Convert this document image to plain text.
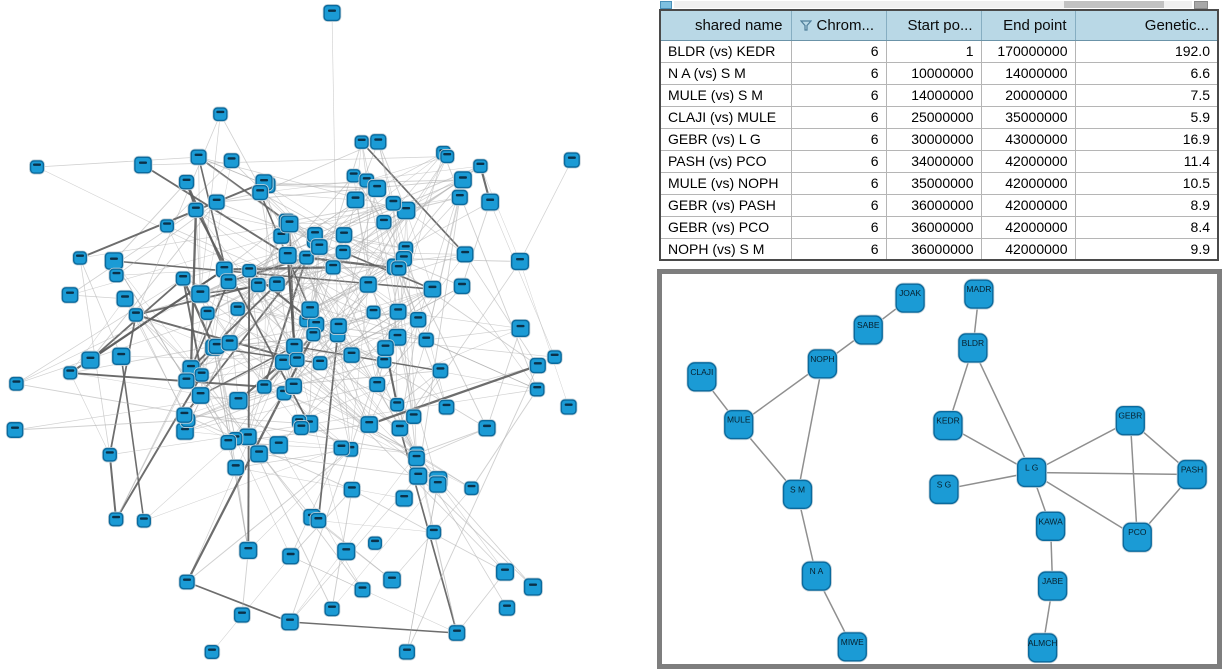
shared name	Chrom...	Start po...	End point	Genetic...
BLDR (vs) KEDR	6	1	170000000	192.0
N A (vs) S M	6	10000000	14000000	6.6
MULE (vs) S M	6	14000000	20000000	7.5
CLAJI (vs) MULE	6	25000000	35000000	5.9
GEBR (vs) L G	6	30000000	43000000	16.9
PASH (vs) PCO	6	34000000	42000000	11.4
MULE (vs) NOPH	6	35000000	42000000	10.5
GEBR (vs) PASH	6	36000000	42000000	8.9
GEBR (vs) PCO	6	36000000	42000000	8.4
NOPH (vs) S M	6	36000000	42000000	9.9
JOAK	MADR
SABE
BLDR
NOPH
CLAJI
GEBR
MULE	KEDR
L G	PASH
S G
S M
KAWA
PCO
N A
JABE
MIWE	ALMCH
